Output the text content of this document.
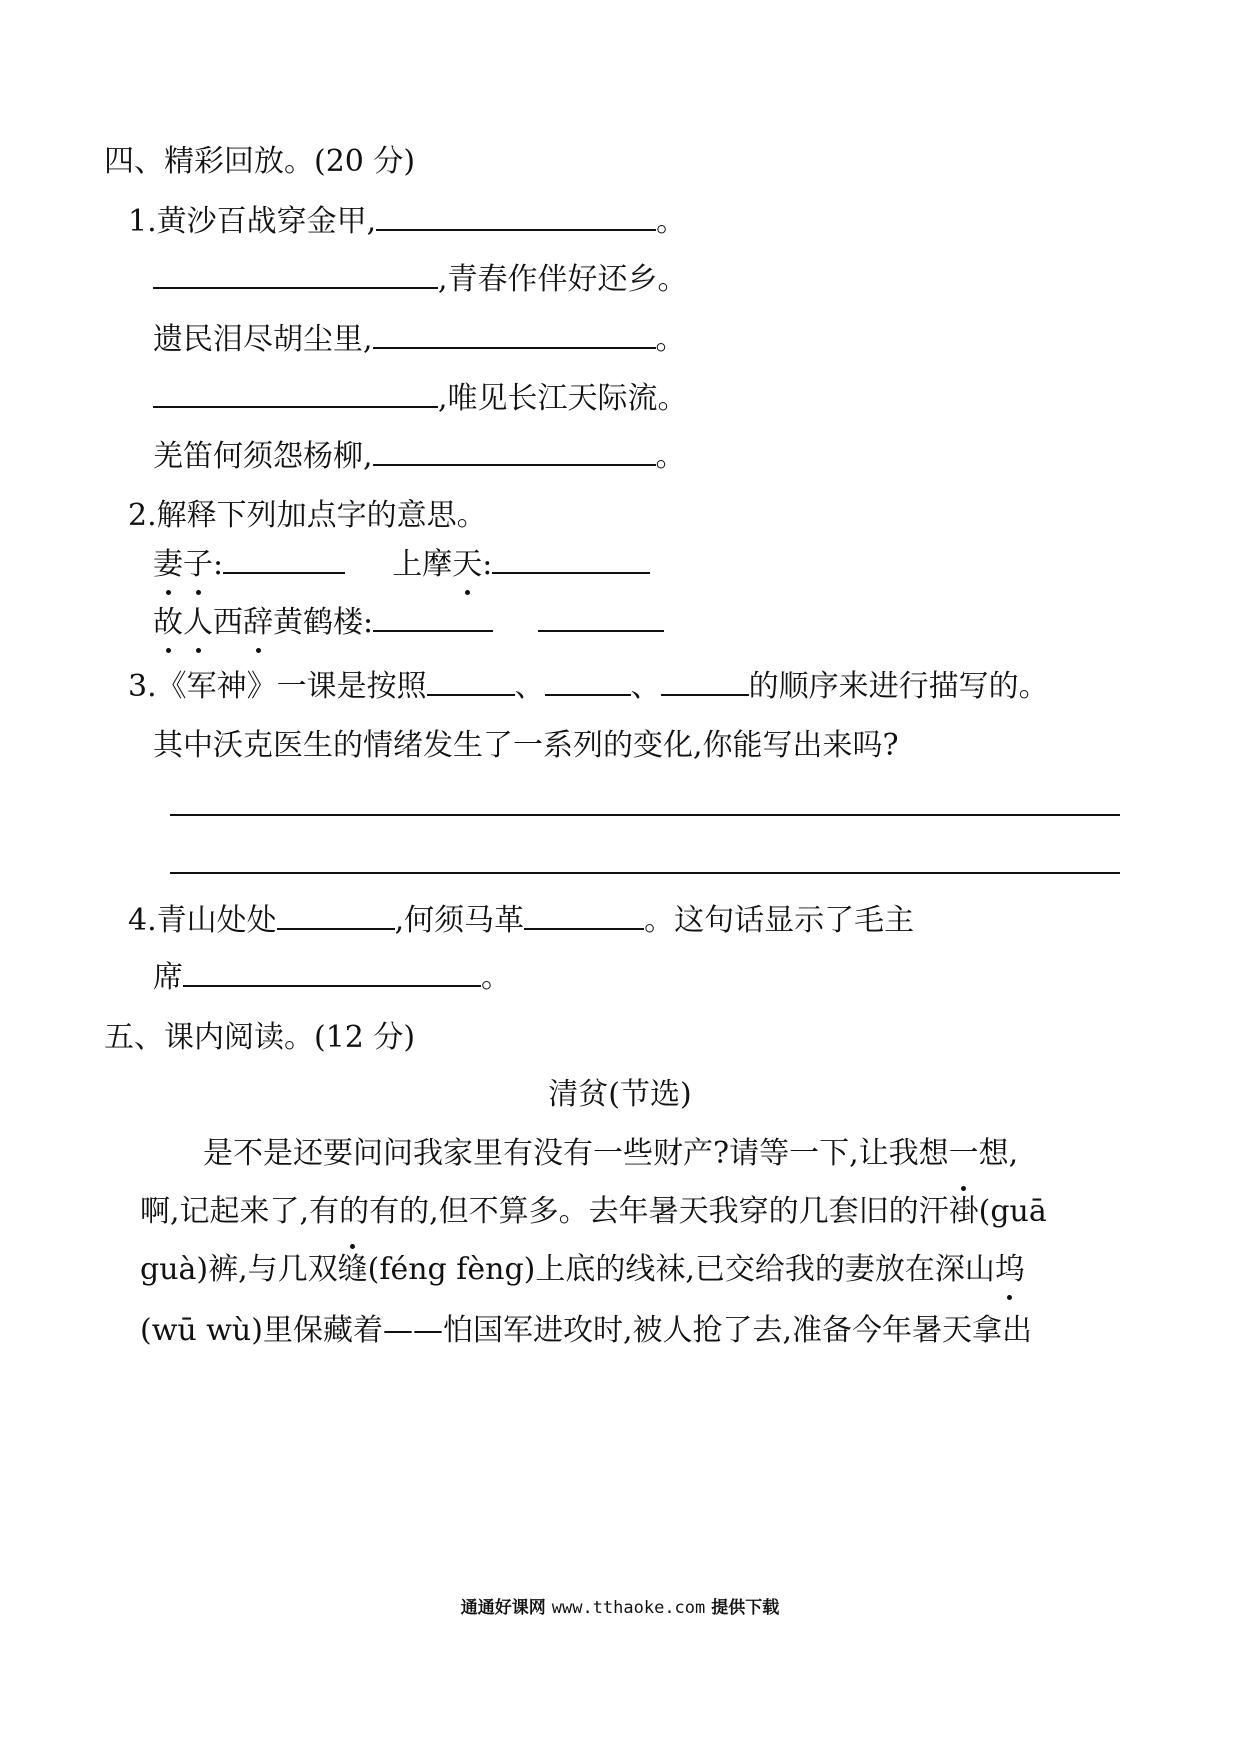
四、精彩回放。(20 分)
1.黄沙百战穿金甲,	。
,青春作伴好还乡。
遗民泪尽胡尘里,	。
,唯见长江天际流。
羌笛何须怨杨柳,	。
2.解释下列加点字的意思。
妻子:	上摩天:
故人西辞黄鹤楼:
3.《军神》一课是按照	、	、	的顺序来进行描写的。
其中沃克医生的情绪发生了一系列的变化,你能写出来吗?
4.青山处处	,何须马革	。这句话显示了毛主
席	。
五、课内阅读。(12 分)
清贫(节选)
是不是还要问问我家里有没有一些财产?请等一下,让我想一想,
啊,记起来了,有的有的,但不算多。去年暑天我穿的几套旧的汗褂(guā
guà)裤,与几双缝(féng fèng)上底的线袜,已交给我的妻放在深山坞
(wū wù)里保藏着——怕国军进攻时,被人抢了去,准备今年暑天拿出
通通好课网 www.tthaoke.com 提供下载
